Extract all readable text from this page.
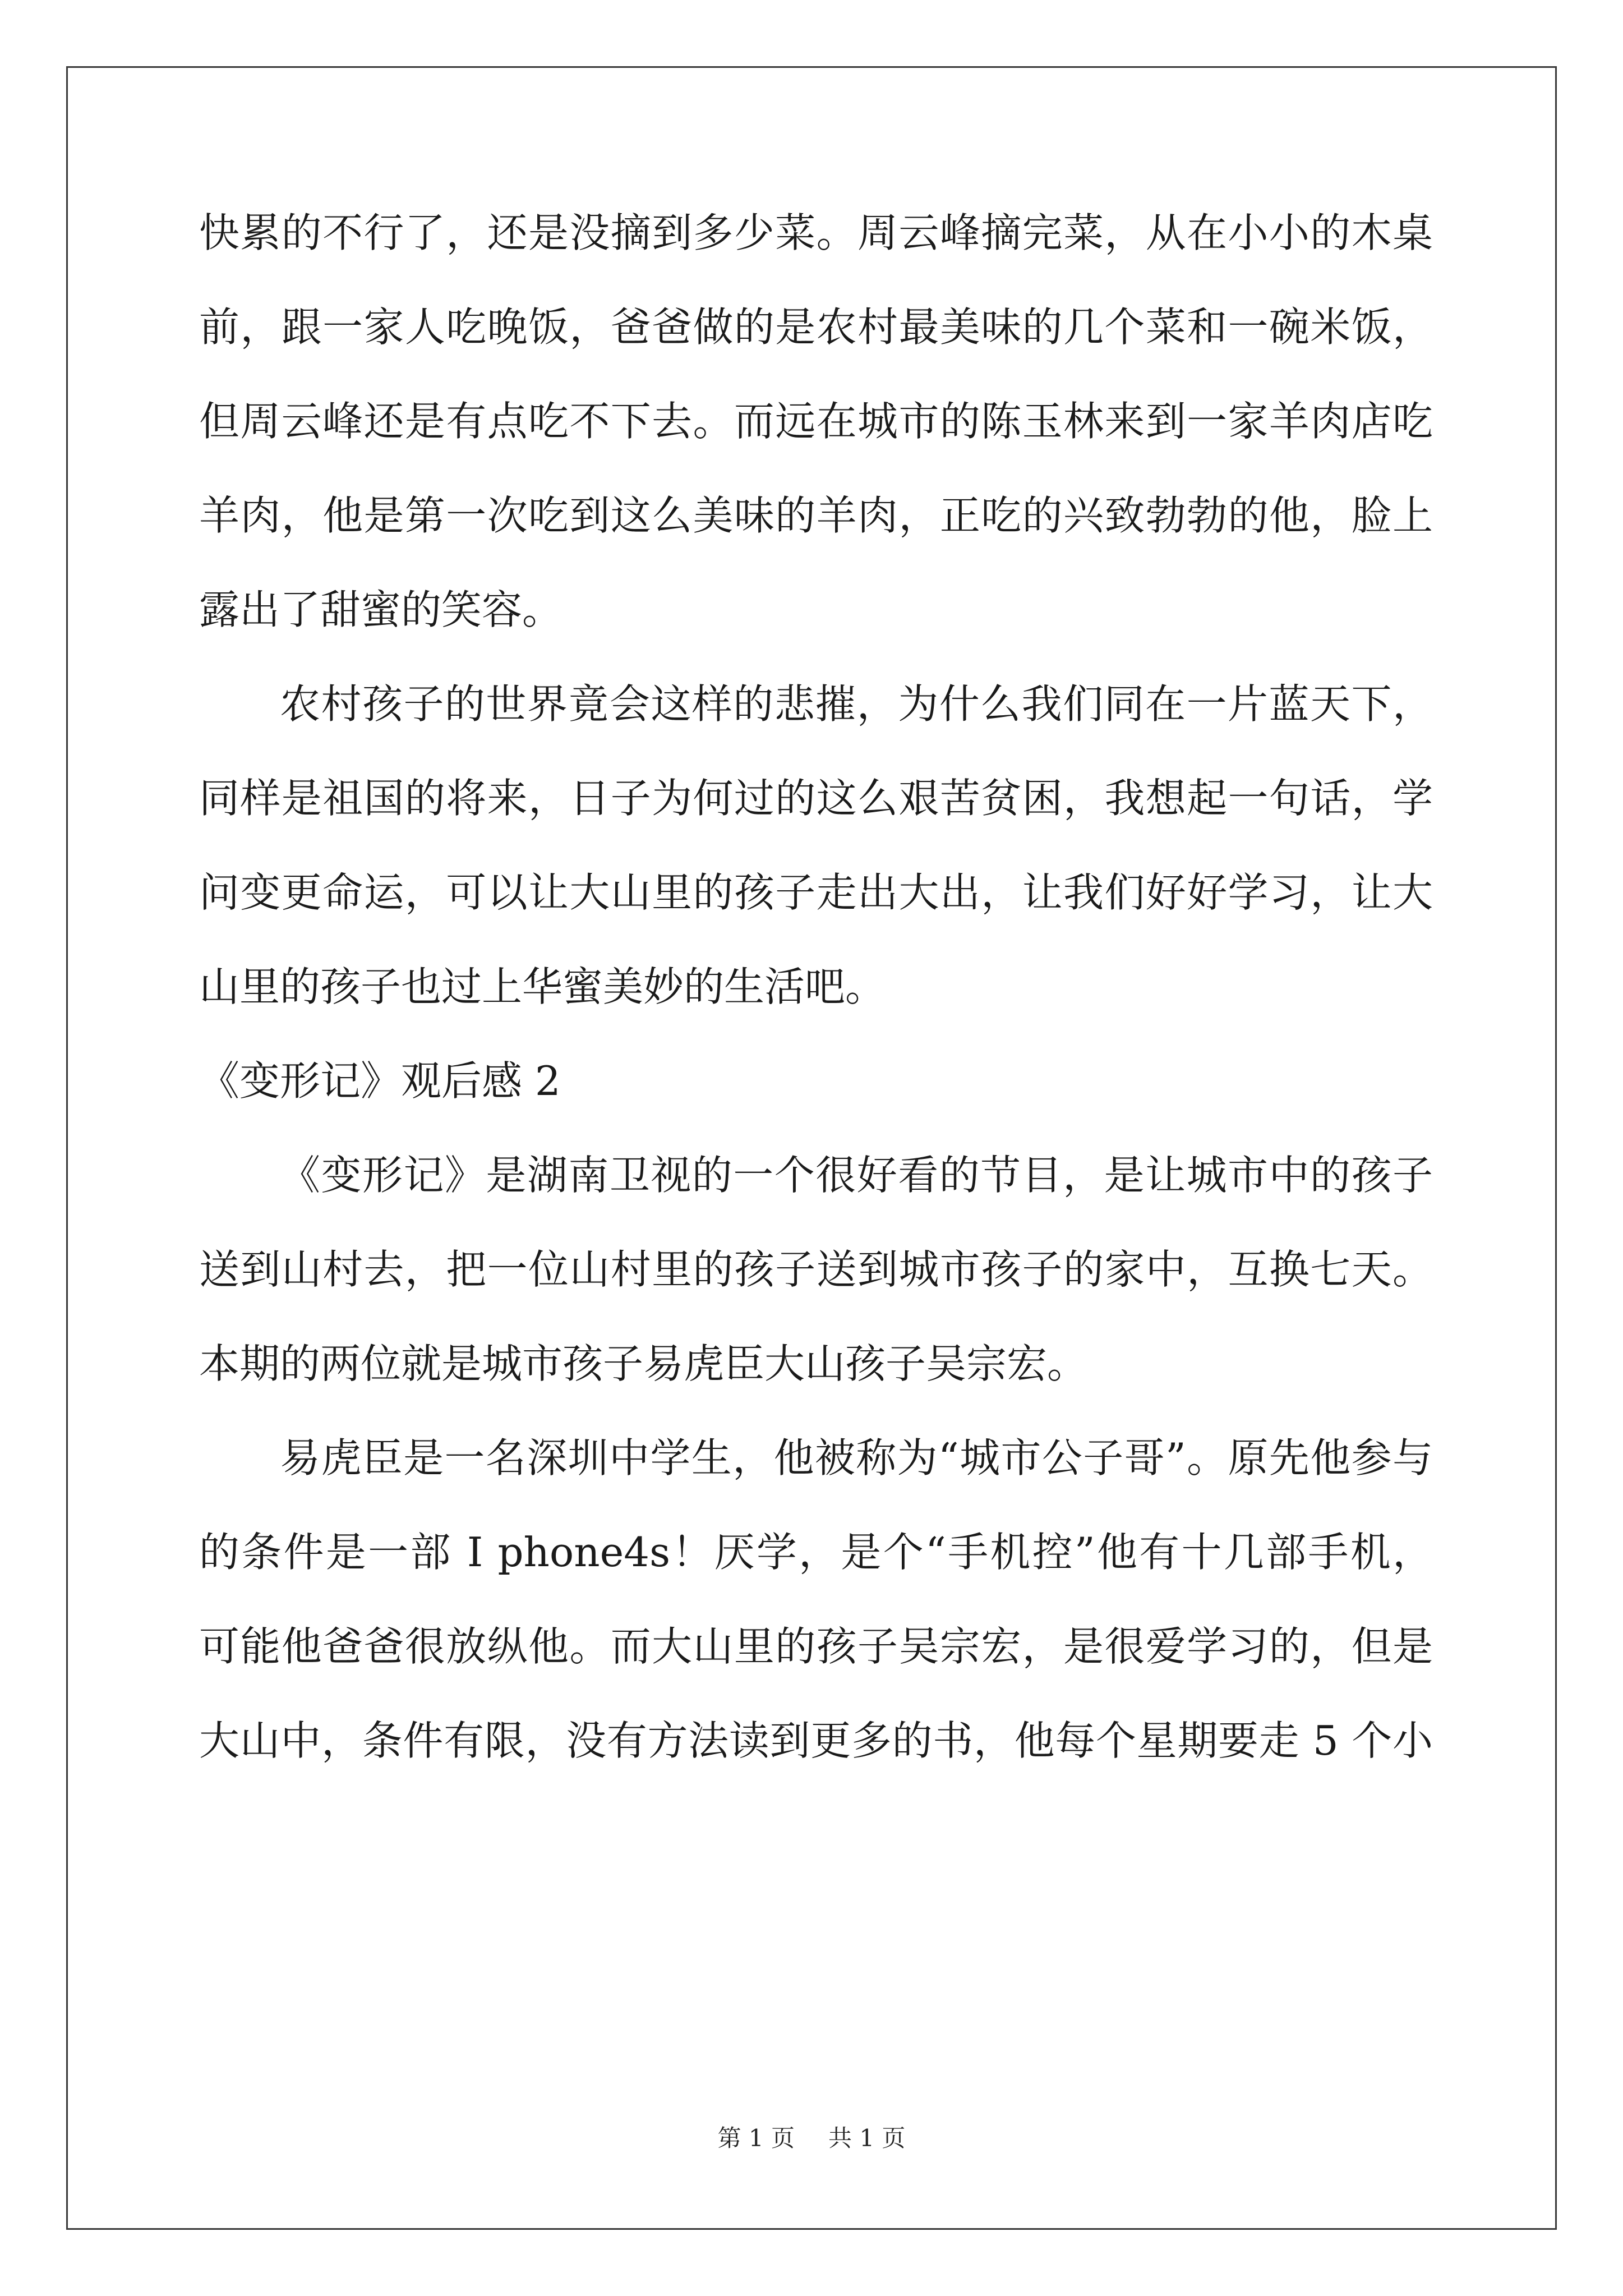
快累的不行了，还是没摘到多少菜。周云峰摘完菜，从在小小的木桌
前，跟一家人吃晚饭，爸爸做的是农村最美味的几个菜和一碗米饭，
但周云峰还是有点吃不下去。而远在城市的陈玉林来到一家羊肉店吃
羊肉，他是第一次吃到这么美味的羊肉，正吃的兴致勃勃的他，脸上
露出了甜蜜的笑容。
农村孩子的世界竟会这样的悲摧，为什么我们同在一片蓝天下，
同样是祖国的将来，日子为何过的这么艰苦贫困，我想起一句话，学
问变更命运，可以让大山里的孩子走出大出，让我们好好学习，让大
山里的孩子也过上华蜜美妙的生活吧。
《变形记》观后感 2
《变形记》是湖南卫视的一个很好看的节目，是让城市中的孩子
送到山村去，把一位山村里的孩子送到城市孩子的家中，互换七天。
本期的两位就是城市孩子易虎臣大山孩子吴宗宏。
易虎臣是一名深圳中学生，他被称为“城市公子哥”。原先他参与
的条件是一部 I phone4s！厌学，是个“手机控”他有十几部手机，
可能他爸爸很放纵他。而大山里的孩子吴宗宏，是很爱学习的，但是
大山中，条件有限，没有方法读到更多的书，他每个星期要走 5 个小
第 1 页 共 1 页
